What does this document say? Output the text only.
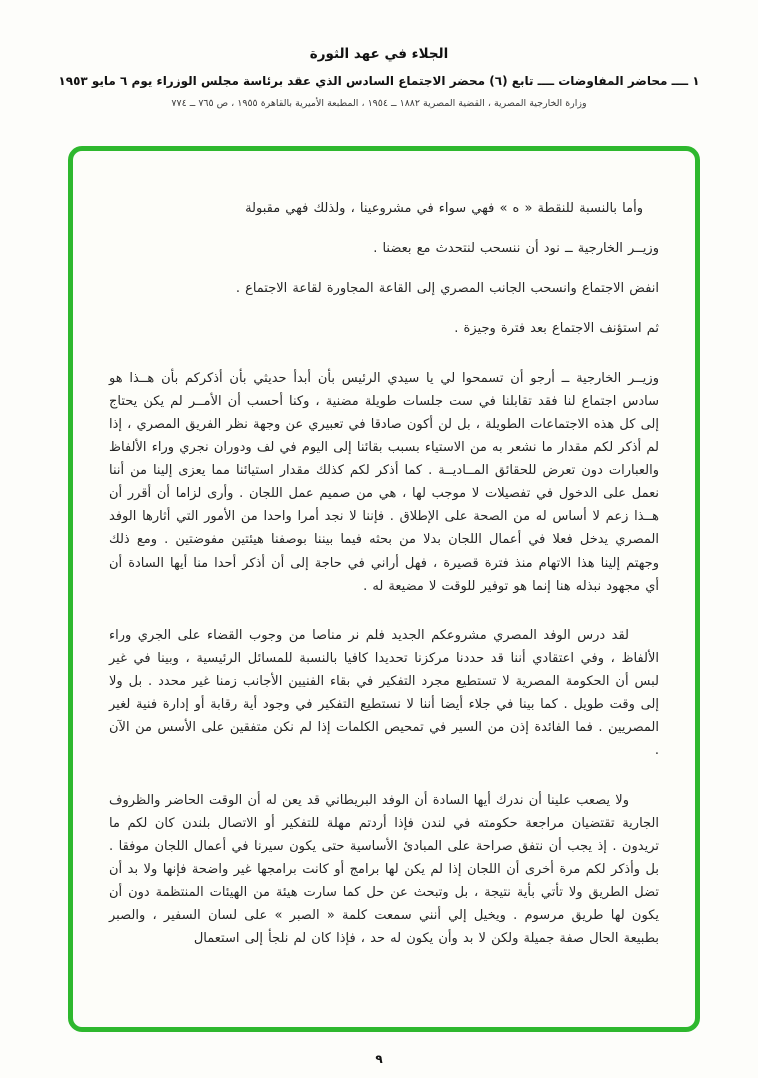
الجلاء في عهد الثورة
١ ــــ محاضر المفاوضات ــــ تابع (٦) محضر الاجتماع السادس الذي عقد برئاسة مجلس الوزراء يوم ٦ مايو ١٩٥٣
وزارة الخارجية المصرية ، القضية المصرية ١٨٨٢ ــ ١٩٥٤ ، المطبعة الأميرية بالقاهرة ١٩٥٥ ، ص ٧٦٥ ــ ٧٧٤

وأما بالنسبة للنقطة « ه » فهي سواء في مشروعينا ، ولذلك فهي مقبولة

وزيــر الخارجية ــ نود أن ننسحب لنتحدث مع بعضنا .

انفض الاجتماع وانسحب الجانب المصري إلى القاعة المجاورة لقاعة الاجتماع .

ثم استؤنف الاجتماع بعد فترة وجيزة .

وزيــر الخارجية ــ أرجو أن تسمحوا لي يا سيدي الرئيس بأن أبدأ حديثي بأن أذكركم بأن هــذا هو سادس اجتماع لنا فقد تقابلنا في ست جلسات طويلة مضنية ، وكنا أحسب أن الأمــر لم يكن يحتاج إلى كل هذه الاجتماعات الطويلة ، بل لن أكون صادقا في تعبيري عن وجهة نظر الفريق المصري ، إذا لم أذكر لكم مقدار ما نشعر به من الاستياء بسبب بقائنا إلى اليوم في لف ودوران نجري وراء الألفاظ والعبارات دون تعرض للحقائق المــاديــة . كما أذكر لكم كذلك مقدار استيائنا مما يعزى إلينا من أننا نعمل على الدخول في تفصيلات لا موجب لها ، هي من صميم عمل اللجان . وأرى لزاما أن أقرر أن هــذا زعم لا أساس له من الصحة على الإطلاق . فإننا لا نجد أمرا واحدا من الأمور التي أثارها الوفد المصري يدخل فعلا في أعمال اللجان بدلا من بحثه فيما بيننا بوصفنا هيئتين مفوضتين . ومع ذلك وجهتم إلينا هذا الاتهام منذ فترة قصيرة ، فهل أراني في حاجة إلى أن أذكر أحدا منا أيها السادة أن أي مجهود نبذله هنا إنما هو توفير للوقت لا مضيعة له .

لقد درس الوفد المصري مشروعكم الجديد فلم نر مناصا من وجوب القضاء على الجري وراء الألفاظ ، وفي اعتقادي أننا قد حددنا مركزنا تحديدا كافيا بالنسبة للمسائل الرئيسية ، وبينا في غير لبس أن الحكومة المصرية لا تستطيع مجرد التفكير في بقاء الفنيين الأجانب زمنا غير محدد . بل ولا إلى وقت طويل . كما بينا في جلاء أيضا أننا لا نستطيع التفكير في وجود أية رقابة أو إدارة فنية لغير المصريين . فما الفائدة إذن من السير في تمحيص الكلمات إذا لم نكن متفقين على الأسس من الآن .

ولا يصعب علينا أن ندرك أيها السادة أن الوفد البريطاني قد يعن له أن الوقت الحاضر والظروف الجارية تقتضيان مراجعة حكومته في لندن فإذا أردتم مهلة للتفكير أو الاتصال بلندن كان لكم ما تريدون . إذ يجب أن نتفق صراحة على المبادئ الأساسية حتى يكون سيرنا في أعمال اللجان موفقا . بل وأذكر لكم مرة أخرى أن اللجان إذا لم يكن لها برامج أو كانت برامجها غير واضحة فإنها ولا بد أن تضل الطريق ولا تأتي بأية نتيجة ، بل وتبحث عن حل كما سارت هيئة من الهيئات المنتظمة دون أن يكون لها طريق مرسوم . ويخيل إلي أنني سمعت كلمة « الصبر » على لسان السفير ، والصبر بطبيعة الحال صفة جميلة ولكن لا بد وأن يكون له حد ، فإذا كان لم نلجأ إلى استعمال

٩
